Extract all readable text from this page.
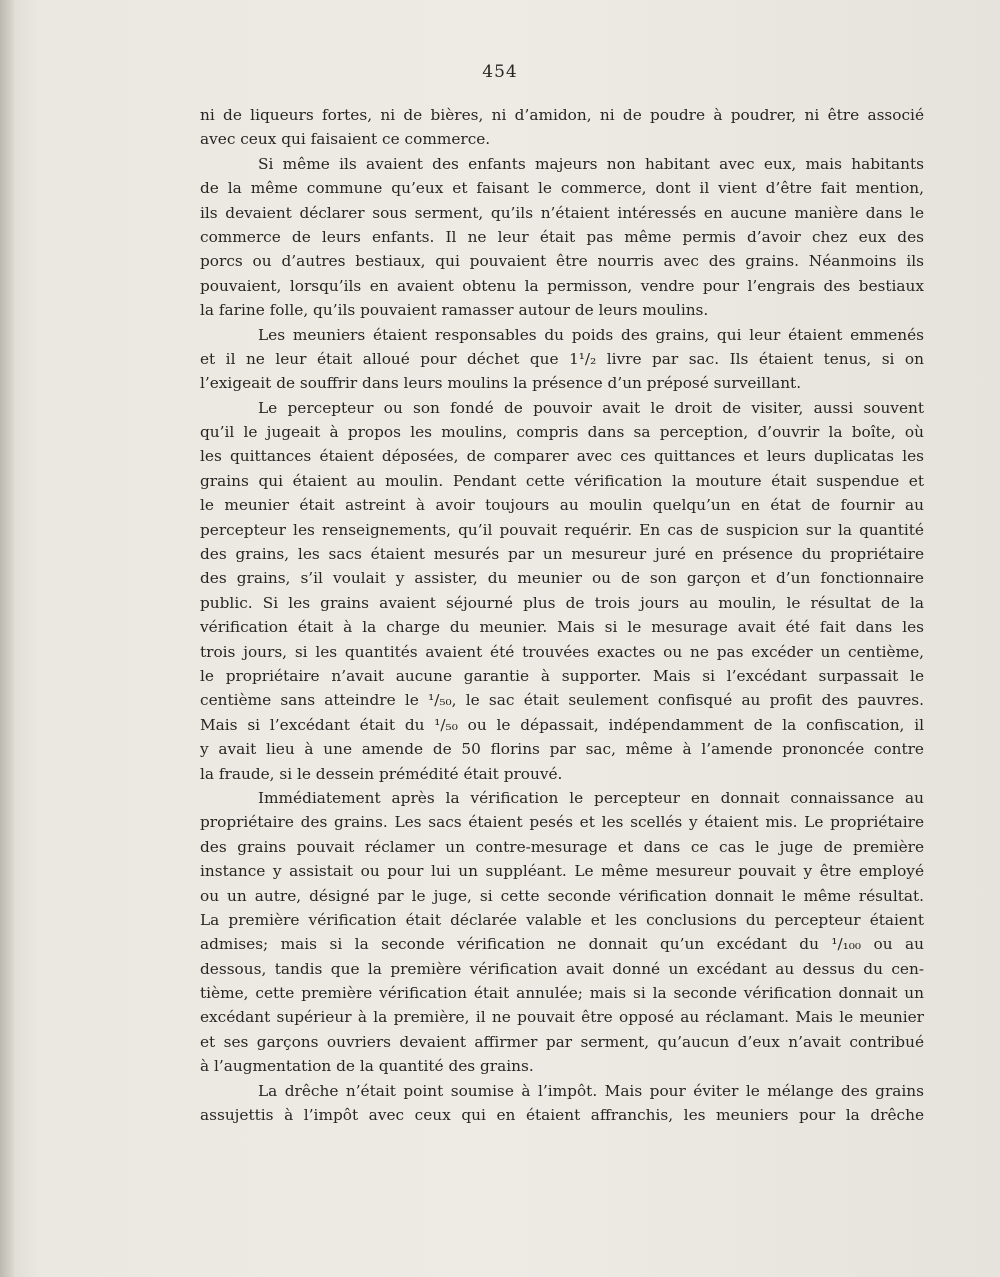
454
ni de liqueurs fortes, ni de bières, ni d’amidon, ni de poudre à poudrer, ni être associé
avec ceux qui faisaient ce commerce.
Si même ils avaient des enfants majeurs non habitant avec eux, mais habitants
de la même commune qu’eux et faisant le commerce, dont il vient d’être fait mention,
ils devaient déclarer sous serment, qu’ils n’étaient intéressés en aucune manière dans le
commerce de leurs enfants. Il ne leur était pas même permis d’avoir chez eux des
porcs ou d’autres bestiaux, qui pouvaient être nourris avec des grains. Néanmoins ils
pouvaient, lorsqu’ils en avaient obtenu la permisson, vendre pour l’engrais des bestiaux
la farine folle, qu’ils pouvaient ramasser autour de leurs moulins.
Les meuniers étaient responsables du poids des grains, qui leur étaient emmenés
et il ne leur était alloué pour déchet que 1¹/₂ livre par sac. Ils étaient tenus, si on
l’exigeait de souffrir dans leurs moulins la présence d’un préposé surveillant.
Le percepteur ou son fondé de pouvoir avait le droit de visiter, aussi souvent
qu’il le jugeait à propos les moulins, compris dans sa perception, d’ouvrir la boîte, où
les quittances étaient déposées, de comparer avec ces quittances et leurs duplicatas les
grains qui étaient au moulin. Pendant cette vérification la mouture était suspendue et
le meunier était astreint à avoir toujours au moulin quelqu’un en état de fournir au
percepteur les renseignements, qu’il pouvait requérir. En cas de suspicion sur la quantité
des grains, les sacs étaient mesurés par un mesureur juré en présence du propriétaire
des grains, s’il voulait y assister, du meunier ou de son garçon et d’un fonctionnaire
public. Si les grains avaient séjourné plus de trois jours au moulin, le résultat de la
vérification était à la charge du meunier. Mais si le mesurage avait été fait dans les
trois jours, si les quantités avaient été trouvées exactes ou ne pas excéder un centième,
le propriétaire n’avait aucune garantie à supporter. Mais si l’excédant surpassait le
centième sans atteindre le ¹/₅₀, le sac était seulement confisqué au profit des pauvres.
Mais si l’excédant était du ¹/₅₀ ou le dépassait, indépendamment de la confiscation, il
y avait lieu à une amende de 50 florins par sac, même à l’amende prononcée contre
la fraude, si le dessein prémédité était prouvé.
Immédiatement après la vérification le percepteur en donnait connaissance au
propriétaire des grains. Les sacs étaient pesés et les scellés y étaient mis. Le propriétaire
des grains pouvait réclamer un contre-mesurage et dans ce cas le juge de première
instance y assistait ou pour lui un suppléant. Le même mesureur pouvait y être employé
ou un autre, désigné par le juge, si cette seconde vérification donnait le même résultat.
La première vérification était déclarée valable et les conclusions du percepteur étaient
admises; mais si la seconde vérification ne donnait qu’un excédant du ¹/₁₀₀ ou au
dessous, tandis que la première vérification avait donné un excédant au dessus du cen-
tième, cette première vérification était annulée; mais si la seconde vérification donnait un
excédant supérieur à la première, il ne pouvait être opposé au réclamant. Mais le meunier
et ses garçons ouvriers devaient affirmer par serment, qu’aucun d’eux n’avait contribué
à l’augmentation de la quantité des grains.
La drêche n’était point soumise à l’impôt. Mais pour éviter le mélange des grains
assujettis à l’impôt avec ceux qui en étaient affranchis, les meuniers pour la drêche
